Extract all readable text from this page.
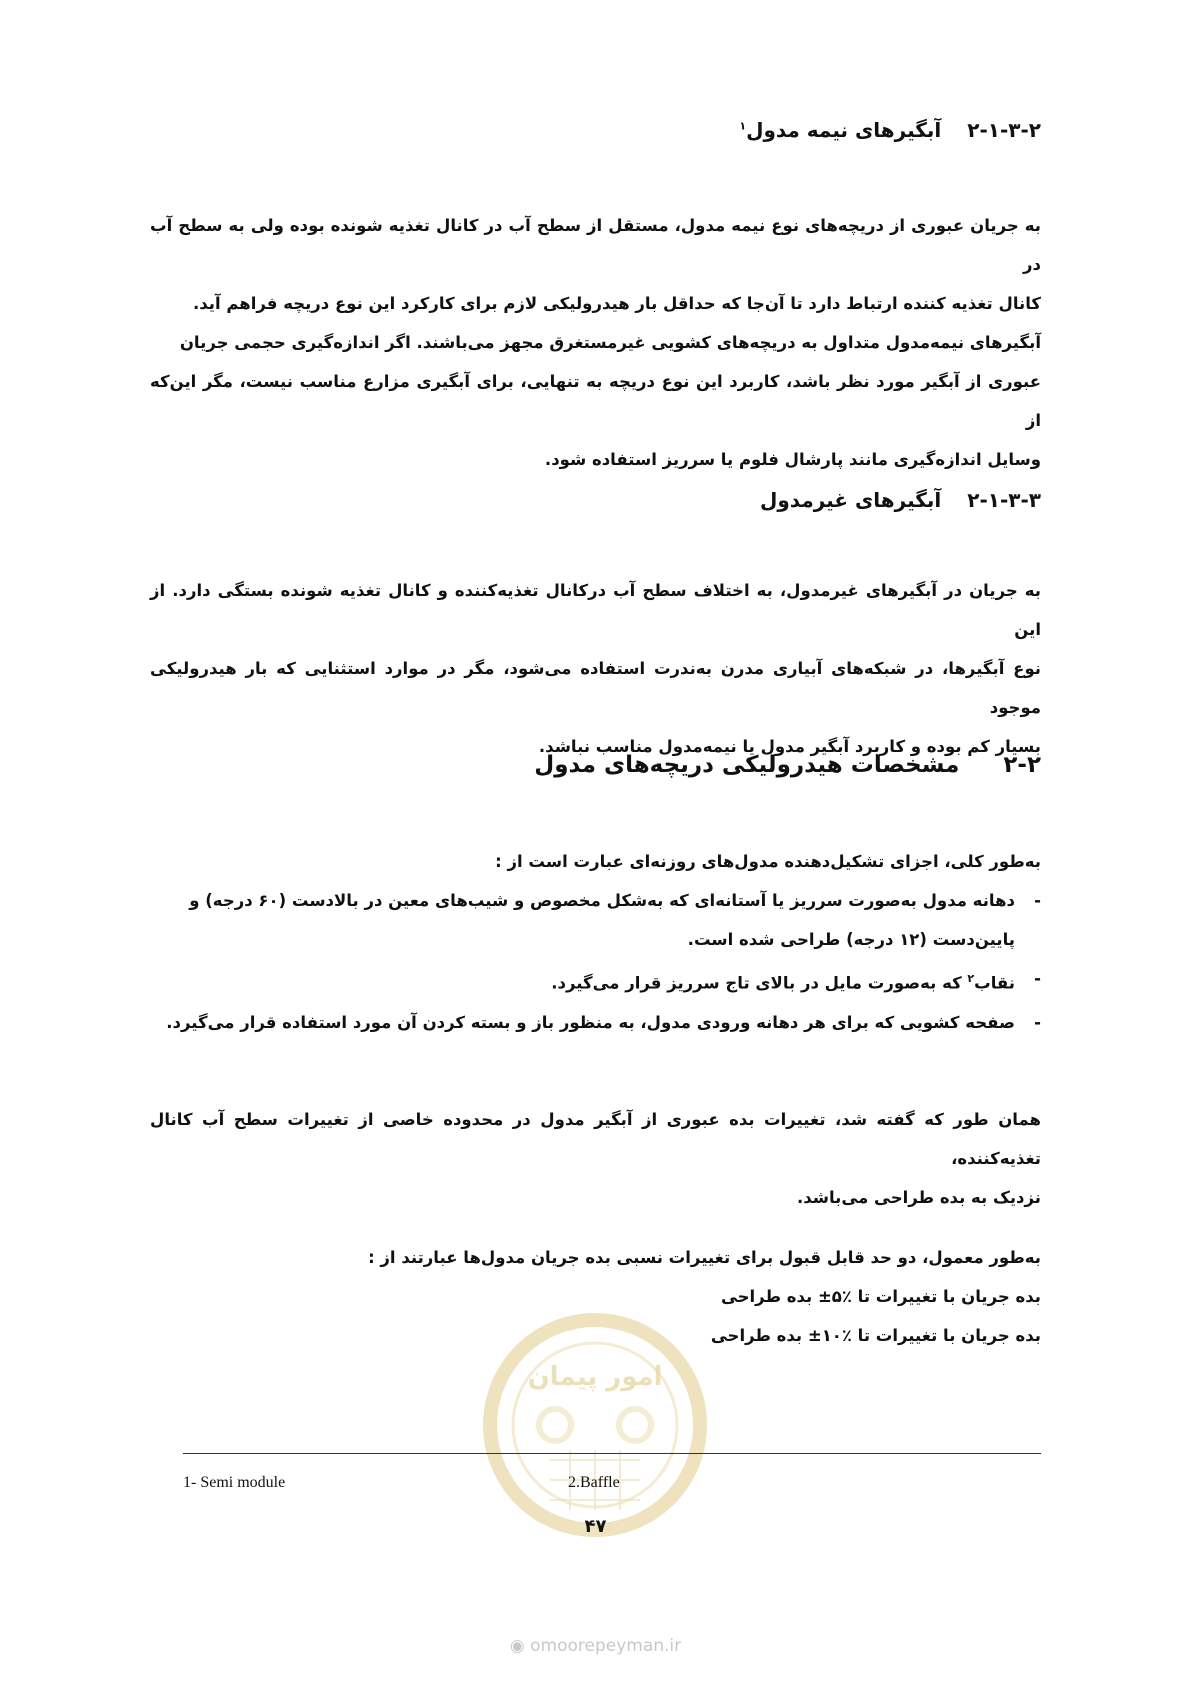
۲-۱-۳-۲آبگیرهای نیمه مدول$^۱$
به جریان عبوری از دریچه‌های نوع نیمه مدول، مستقل از سطح آب در کانال تغذیه شونده بوده ولی به سطح آب در
کانال تغذیه کننده ارتباط دارد تا آن‌جا که حداقل بار هیدرولیکی لازم برای کارکرد این نوع دریچه فراهم آید.
آبگیرهای نیمه‌مدول متداول به دریچه‌های کشویی غیرمستغرق مجهز می‌باشند. اگر اندازه‌گیری حجمی جریان
عبوری از آبگیر مورد نظر باشد، کاربرد این نوع دریچه به تنهایی، برای آبگیری مزارع مناسب نیست، مگر این‌که از
وسایل اندازه‌گیری مانند پارشال فلوم یا سرریز استفاده شود.
۲-۱-۳-۳آبگیرهای غیرمدول
به جریان در آبگیرهای غیرمدول، به اختلاف سطح آب درکانال تغذیه‌کننده و کانال تغذیه شونده بستگی دارد. از این
نوع آبگیرها، در شبکه‌های آبیاری مدرن به‌ندرت استفاده می‌شود، مگر در موارد استثنایی که بار هیدرولیکی موجود
بسیار کم بوده و کاربرد آبگیر مدول یا نیمه‌مدول مناسب نباشد.
۲-۲مشخصات هیدرولیکی دریچه‌های مدول
به‌طور کلی، اجزای تشکیل‌دهنده مدول‌های روزنه‌ای عبارت است از :
-
دهانه مدول به‌صورت سرریز یا آستانه‌ای که به‌شکل مخصوص و شیب‌های معین در بالادست (۶۰ درجه) و
پایین‌دست (۱۲ درجه) طراحی شده است.
-
نقاب$^۲$ که به‌صورت مایل در بالای تاج سرریز قرار می‌گیرد.
-
صفحه کشویی که برای هر دهانه ورودی مدول، به منظور باز و بسته کردن آن مورد استفاده قرار می‌گیرد.
همان طور که گفته شد، تغییرات بده عبوری از آبگیر مدول در محدوده خاصی از تغییرات سطح آب کانال تغذیه‌کننده،
نزدیک به بده طراحی می‌باشد.
به‌طور معمول، دو حد قابل قبول برای تغییرات نسبی بده جریان مدول‌ها عبارتند از :
بده جریان با تغییرات تا ٪۵± بده طراحی
بده جریان با تغییرات تا ٪۱۰± بده طراحی
امور پیمان
1- Semi module	2.Baffle
۴۷
◉ omoorepeyman.ir
